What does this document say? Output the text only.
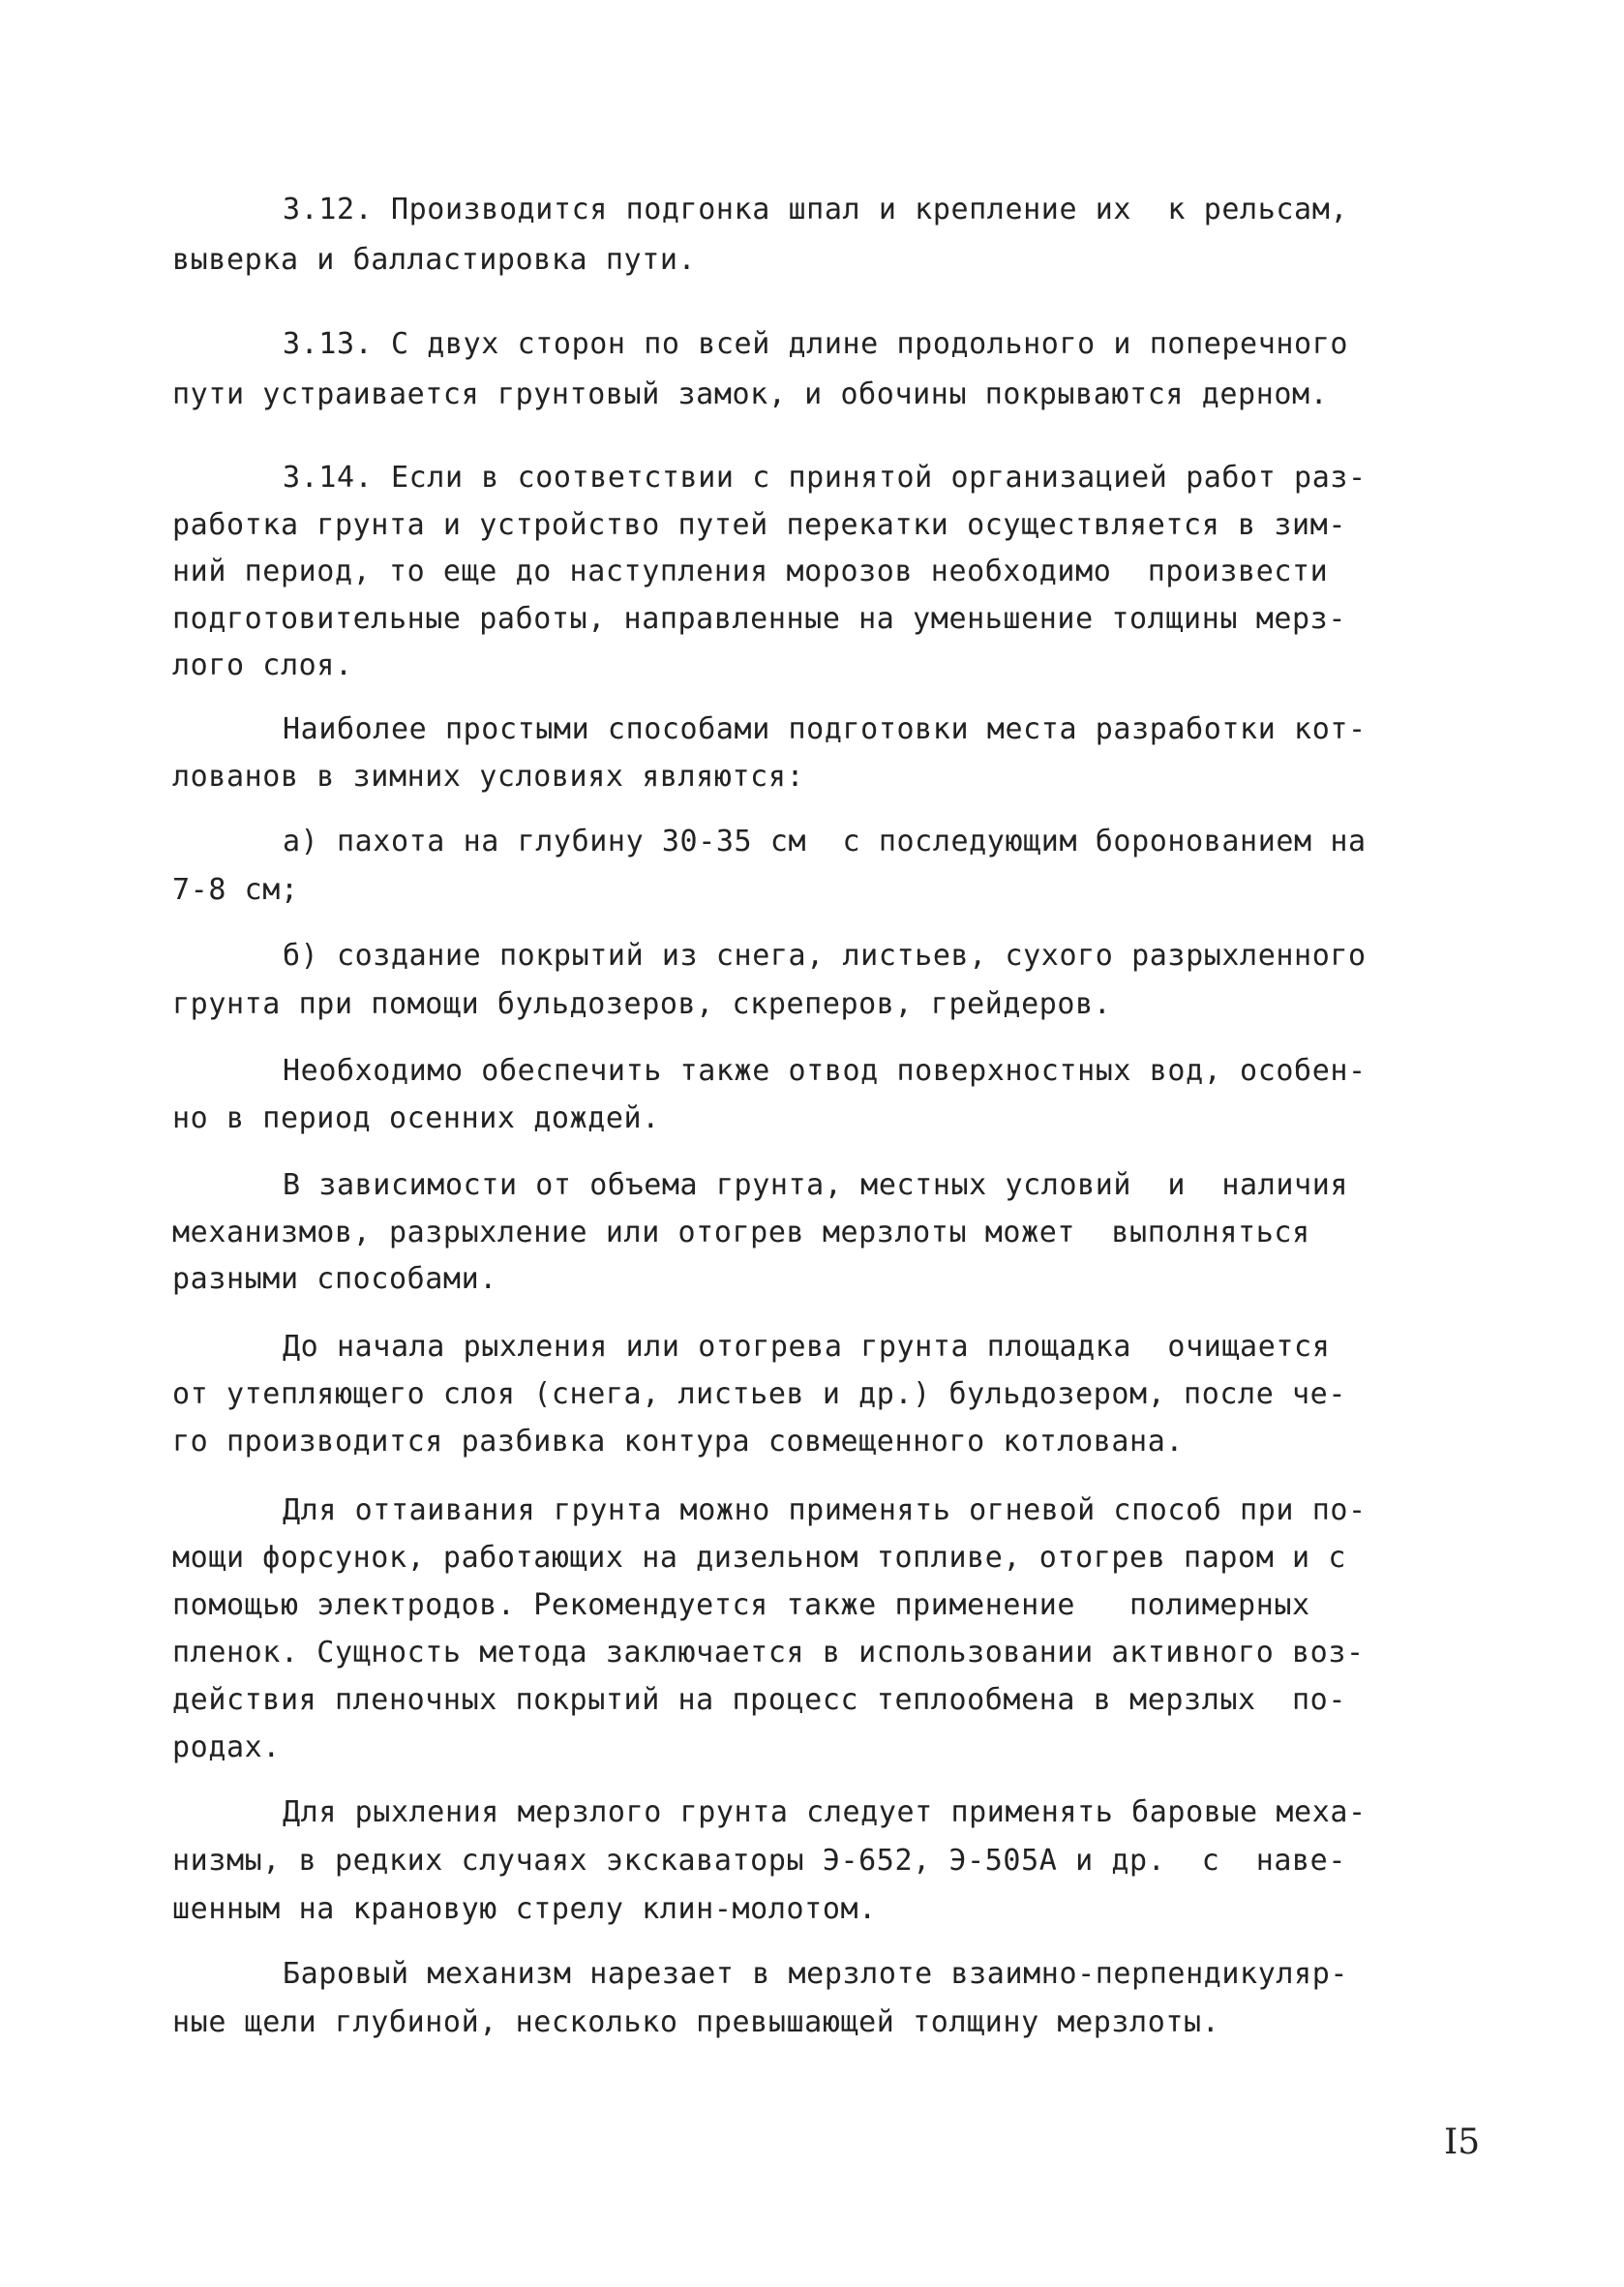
3.12. Производится подгонка шпал и крепление их  к рельсам,
выверка и балластировка пути.
3.13. С двух сторон по всей длине продольного и поперечного
пути устраивается грунтовый замок, и обочины покрываются дерном.
3.14. Если в соответствии с принятой организацией работ раз-
работка грунта и устройство путей перекатки осуществляется в зим-
ний период, то еще до наступления морозов необходимо  произвести
подготовительные работы, направленные на уменьшение толщины мерз-
лого слоя.
Наиболее простыми способами подготовки места разработки кот-
лованов в зимних условиях являются:
а) пахота на глубину 30-35 см  с последующим боронованием на
7-8 см;
б) создание покрытий из снега, листьев, сухого разрыхленного
грунта при помощи бульдозеров, скреперов, грейдеров.
Необходимо обеспечить также отвод поверхностных вод, особен-
но в период осенних дождей.
В зависимости от объема грунта, местных условий  и  наличия
механизмов, разрыхление или отогрев мерзлоты может  выполняться
разными способами.
До начала рыхления или отогрева грунта площадка  очищается
от утепляющего слоя (снега, листьев и др.) бульдозером, после че-
го производится разбивка контура совмещенного котлована.
Для оттаивания грунта можно применять огневой способ при по-
мощи форсунок, работающих на дизельном топливе, отогрев паром и с
помощью электродов. Рекомендуется также применение   полимерных
пленок. Сущность метода заключается в использовании активного воз-
действия пленочных покрытий на процесс теплообмена в мерзлых  по-
родах.
Для рыхления мерзлого грунта следует применять баровые меха-
низмы, в редких случаях экскаваторы Э-652, Э-505А и др.  с  наве-
шенным на крановую стрелу клин-молотом.
Баровый механизм нарезает в мерзлоте взаимно-перпендикуляр-
ные щели глубиной, несколько превышающей толщину мерзлоты.
I5
